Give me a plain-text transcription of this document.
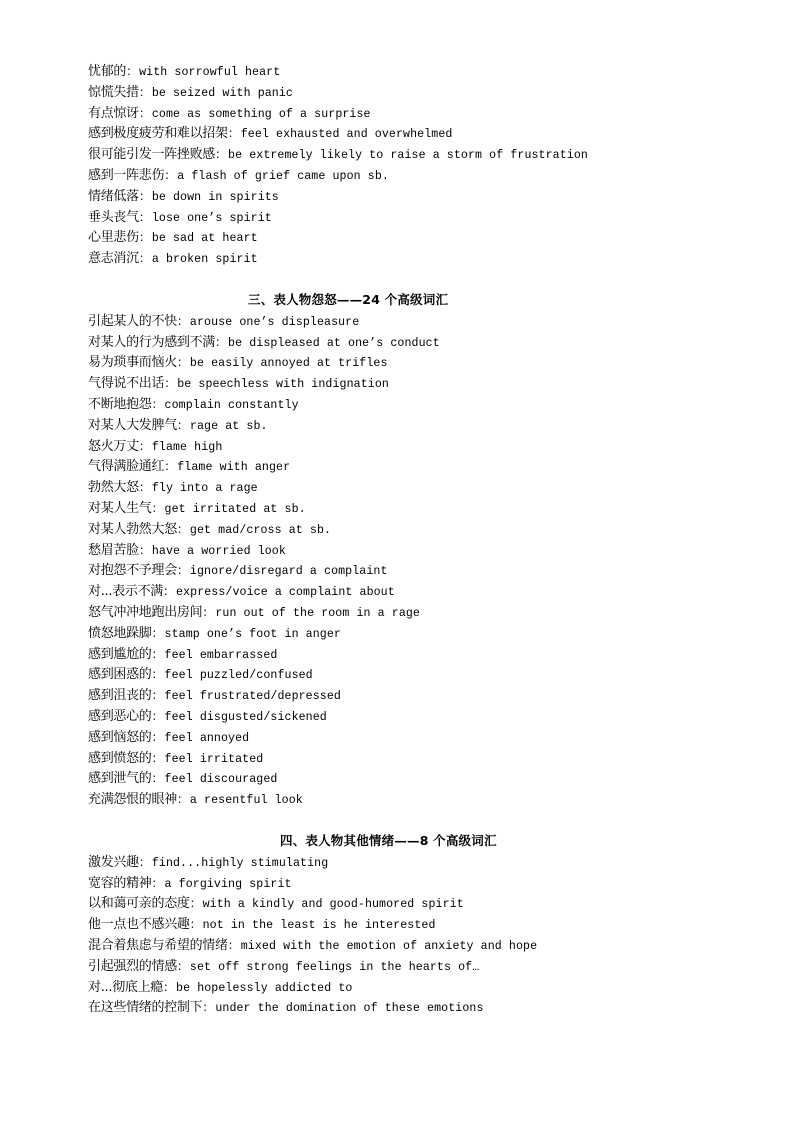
忧郁的：with sorrowful heart
惊慌失措：be seized with panic
有点惊讶：come as something of a surprise
感到极度疲劳和难以招架：feel exhausted and overwhelmed
很可能引发一阵挫败感：be extremely likely to raise a storm of frustration
感到一阵悲伤：a flash of grief came upon sb.
情绪低落：be down in spirits
垂头丧气：lose one’s spirit
心里悲伤：be sad at heart
意志消沉：a broken spirit
三、表人物怨怒——24 个高级词汇
引起某人的不快：arouse one’s displeasure
对某人的行为感到不满：be displeased at one’s conduct
易为琐事而恼火：be easily annoyed at trifles
气得说不出话：be speechless with indignation
不断地抱怨：complain constantly
对某人大发脾气：rage at sb.
怒火万丈：flame high
气得满脸通红：flame with anger
勃然大怒：fly into a rage
对某人生气：get irritated at sb.
对某人勃然大怒：get mad/cross at sb.
愁眉苦脸：have a worried look
对抱怨不予理会：ignore/disregard a complaint
对...表示不满：express/voice a complaint about
怒气冲冲地跑出房间：run out of the room in a rage
愤怒地跺脚：stamp one’s foot in anger
感到尴尬的：feel embarrassed
感到困惑的：feel puzzled/confused
感到沮丧的：feel frustrated/depressed
感到恶心的：feel disgusted/sickened
感到恼怒的：feel annoyed
感到愤怒的：feel irritated
感到泄气的：feel discouraged
充满怨恨的眼神：a resentful look
四、表人物其他情绪——8 个高级词汇
激发兴趣：find...highly stimulating
宽容的精神：a forgiving spirit
以和蔼可亲的态度：with a kindly and good-humored spirit
他一点也不感兴趣：not in the least is he interested
混合着焦虑与希望的情绪：mixed with the emotion of anxiety and hope
引起强烈的情感：set off strong feelings in the hearts of…
对...彻底上瘾：be hopelessly addicted to
在这些情绪的控制下：under the domination of these emotions
